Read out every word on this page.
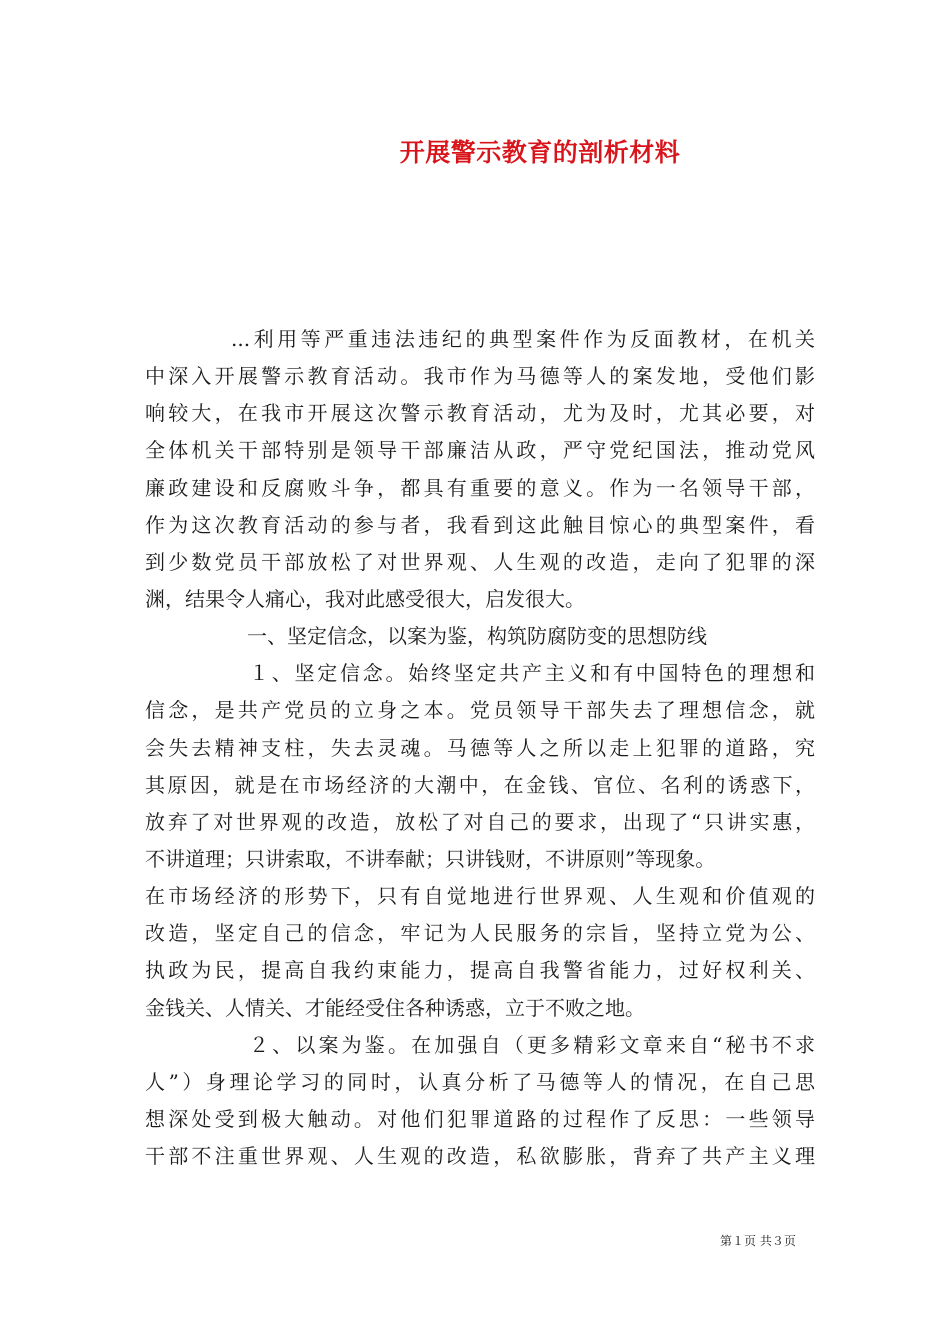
开展警示教育的剖析材料
...利用等严重违法违纪的典型案件作为反面教材，在机关
中深入开展警示教育活动。我市作为马德等人的案发地，受他们影
响较大，在我市开展这次警示教育活动，尤为及时，尤其必要，对
全体机关干部特别是领导干部廉洁从政，严守党纪国法，推动党风
廉政建设和反腐败斗争，都具有重要的意义。作为一名领导干部，
作为这次教育活动的参与者，我看到这此触目惊心的典型案件，看
到少数党员干部放松了对世界观、人生观的改造，走向了犯罪的深
渊，结果令人痛心，我对此感受很大，启发很大。
一、坚定信念，以案为鉴，构筑防腐防变的思想防线
１、坚定信念。始终坚定共产主义和有中国特色的理想和
信念，是共产党员的立身之本。党员领导干部失去了理想信念，就
会失去精神支柱，失去灵魂。马德等人之所以走上犯罪的道路，究
其原因，就是在市场经济的大潮中，在金钱、官位、名利的诱惑下，
放弃了对世界观的改造，放松了对自己的要求，出现了“只讲实惠，
不讲道理；只讲索取，不讲奉献；只讲钱财，不讲原则”等现象。
在市场经济的形势下，只有自觉地进行世界观、人生观和价值观的
改造，坚定自己的信念，牢记为人民服务的宗旨，坚持立党为公、
执政为民，提高自我约束能力，提高自我警省能力，过好权利关、
金钱关、人情关、才能经受住各种诱惑，立于不败之地。
２、以案为鉴。在加强自（更多精彩文章来自“秘书不求
人”）身理论学习的同时，认真分析了马德等人的情况，在自己思
想深处受到极大触动。对他们犯罪道路的过程作了反思：一些领导
干部不注重世界观、人生观的改造，私欲膨胀，背弃了共产主义理
第１页 共３页
